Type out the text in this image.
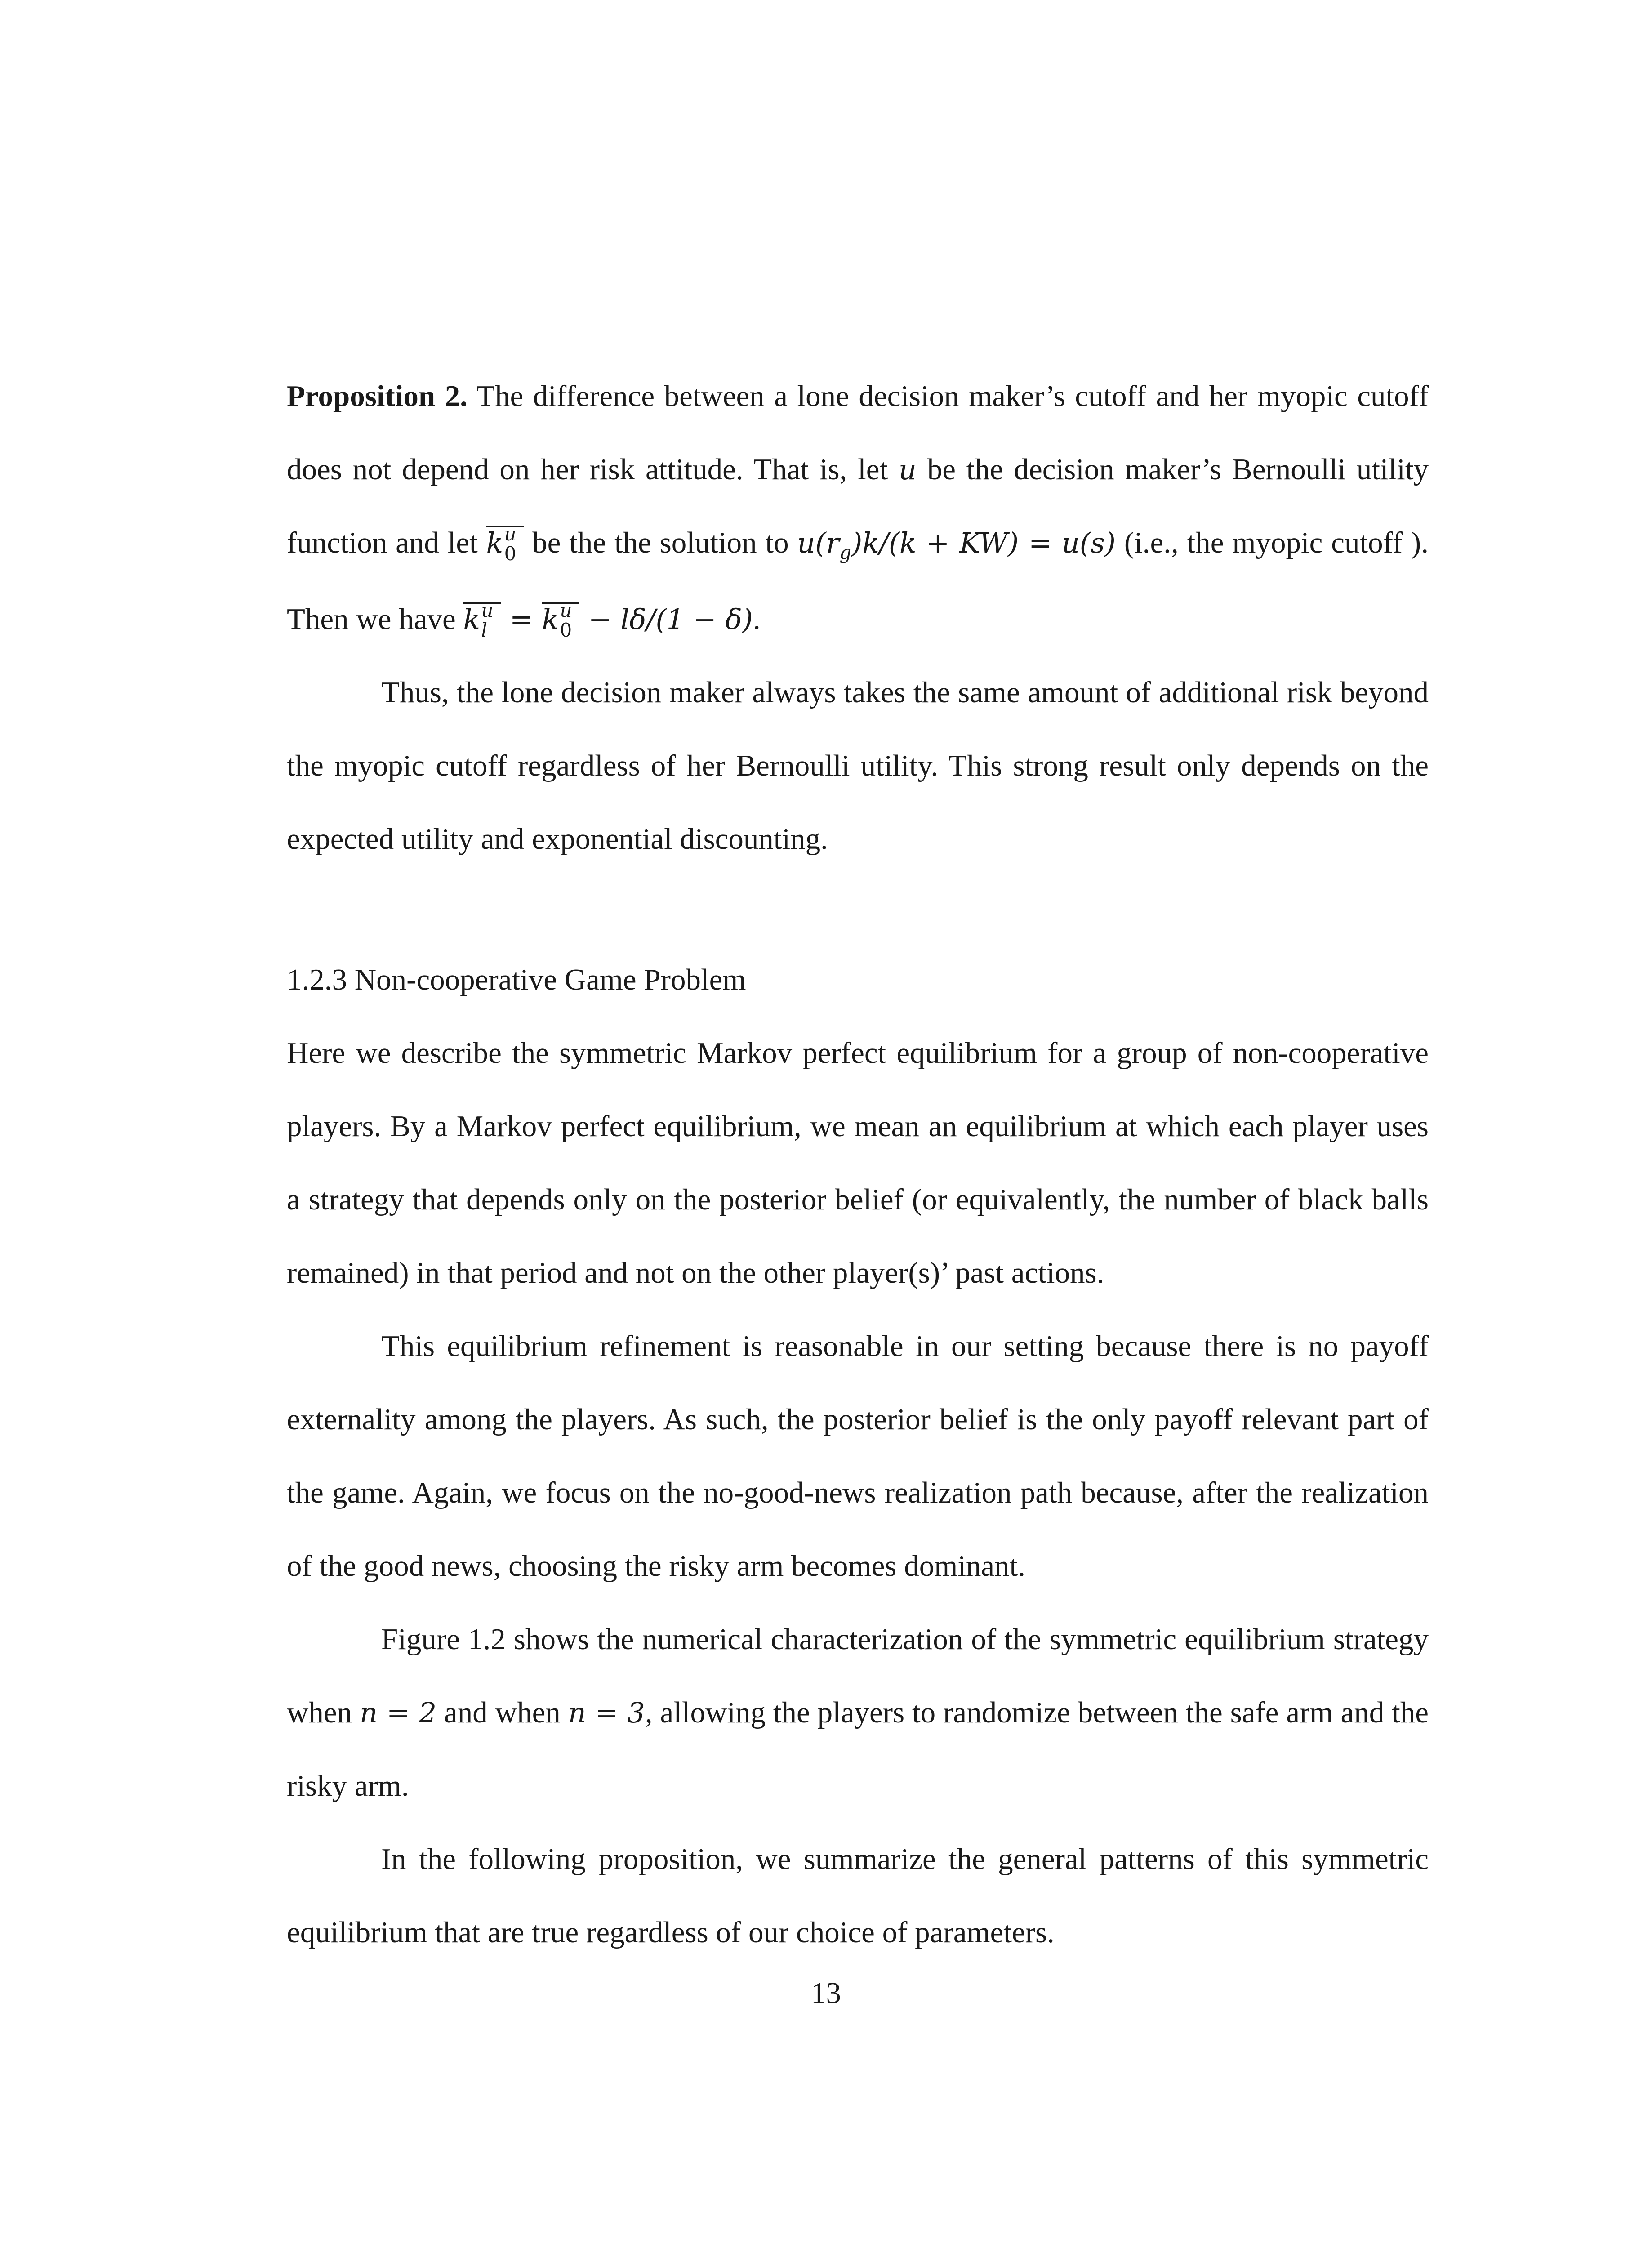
Proposition 2. The difference between a lone decision maker’s cutoff and her myopic cutoff does not depend on her risk attitude. That is, let u be the decision maker’s Bernoulli utility function and let k u
0 be the the solution to $u(r_g)k/(k + KW) = u(s)$ (i.e., the myopic cutoff ). Then we have k u
l = k u
0 − lδ/(1 − δ).

Thus, the lone decision maker always takes the same amount of additional risk beyond the myopic cutoff regardless of her Bernoulli utility. This strong result only depends on the expected utility and exponential discounting.

1.2.3 Non-cooperative Game Problem

Here we describe the symmetric Markov perfect equilibrium for a group of non-cooperative players. By a Markov perfect equilibrium, we mean an equilibrium at which each player uses a strategy that depends only on the posterior belief (or equivalently, the number of black balls remained) in that period and not on the other player(s)’ past actions.

This equilibrium refinement is reasonable in our setting because there is no payoff externality among the players. As such, the posterior belief is the only payoff relevant part of the game. Again, we focus on the no-good-news realization path because, after the realization of the good news, choosing the risky arm becomes dominant.

Figure 1.2 shows the numerical characterization of the symmetric equilibrium strategy when n = 2 and when n = 3, allowing the players to randomize between the safe arm and the risky arm.

In the following proposition, we summarize the general patterns of this symmetric equilibrium that are true regardless of our choice of parameters.

13
